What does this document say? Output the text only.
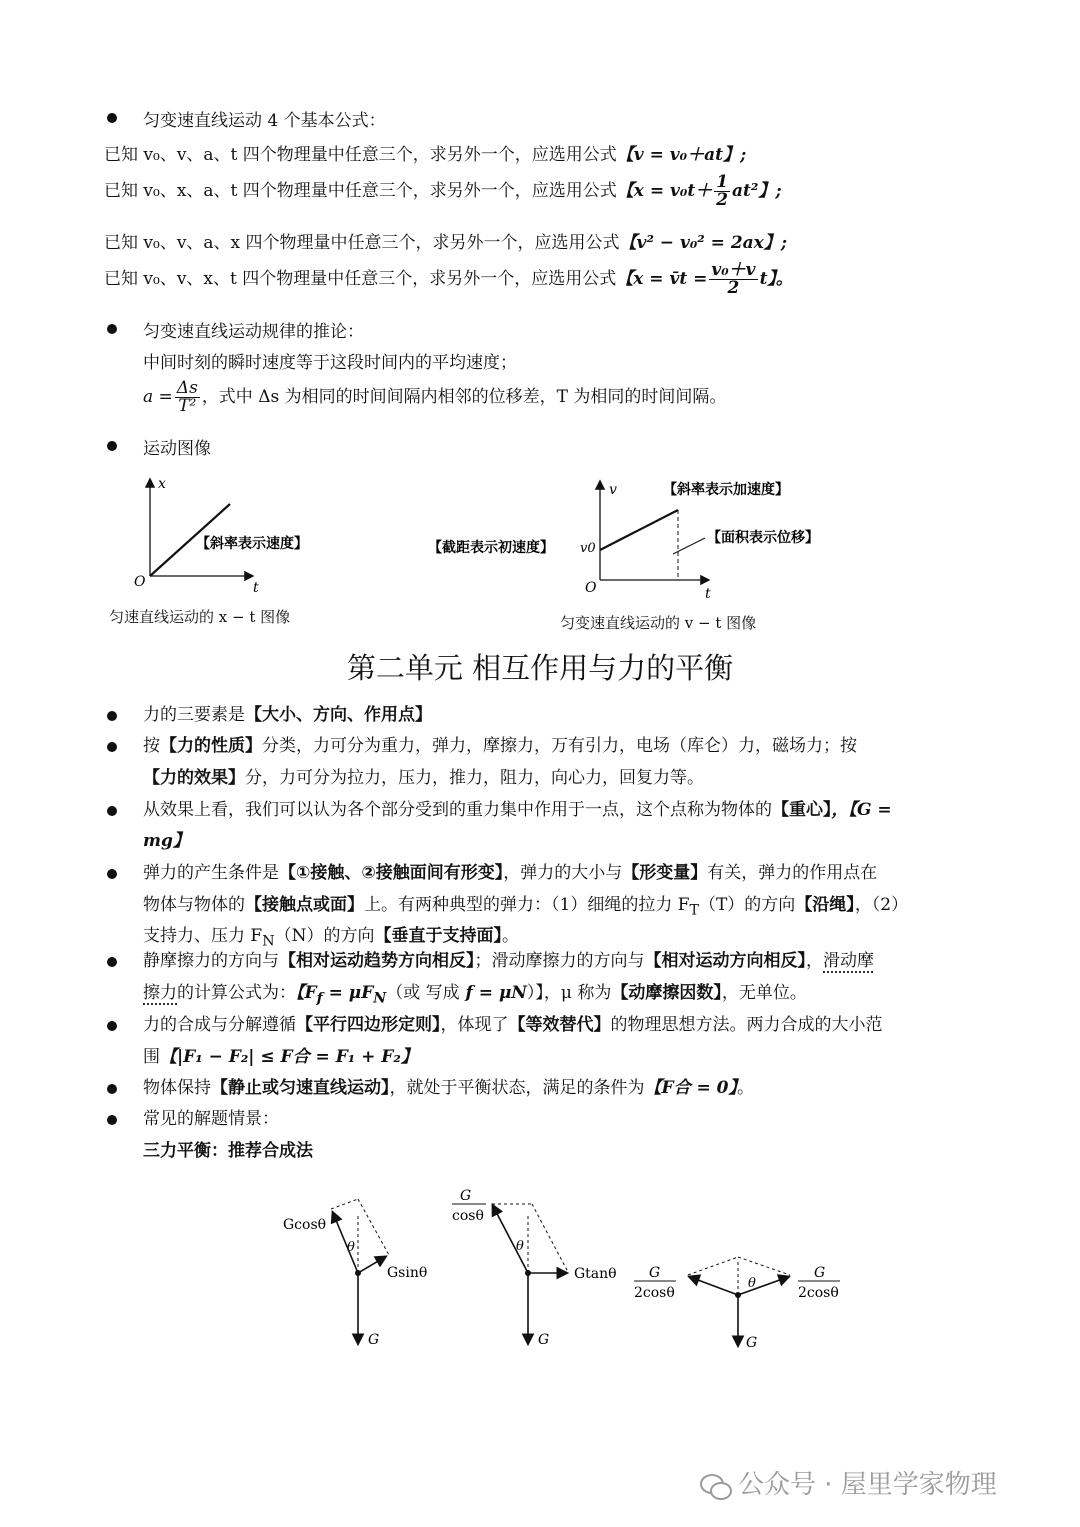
匀变速直线运动 4 个基本公式：
已知 v₀、v、a、t 四个物理量中任意三个，求另外一个，应选用公式【v = v₀＋at】;
已知 v₀、x、a、t 四个物理量中任意三个，求另外一个，应选用公式【$x = v_0t+ \frac{1}{2} at^2$】;
已知 v₀、v、a、x 四个物理量中任意三个，求另外一个，应选用公式【v² − v₀² = 2ax】;
已知 v₀、v、x、t 四个物理量中任意三个，求另外一个，应选用公式【x = v̄t = $\frac{\text{v₀＋v}}{2}$ t】。
匀变速直线运动规律的推论：
中间时刻的瞬时速度等于这段时间内的平均速度；
$a = \frac{\Delta s}{\text{T²}}$ ，式中 Δs 为相同的时间间隔内相邻的位移差，T 为相同的时间间隔。
运动图像
x
t
O
【斜率表示速度】
匀速直线运动的 x − t 图像
v
t
O
v0
【斜率表示加速度】
【面积表示位移】
【截距表示初速度】
匀变速直线运动的 v − t 图像
第二单元 相互作用与力的平衡
力的三要素是【大小、方向、作用点】
按【力的性质】分类，力可分为重力，弹力，摩擦力，万有引力，电场（库仑）力，磁场力；按
【力的效果】分，力可分为拉力，压力，推力，阻力，向心力，回复力等。
从效果上看，我们可以认为各个部分受到的重力集中作用于一点，这个点称为物体的【重心】，【G =
mg】
弹力的产生条件是【①接触、②接触面间有形变】，弹力的大小与【形变量】有关，弹力的作用点在
物体与物体的【接触点或面】上。有两种典型的弹力：（1）细绳的拉力 $F_T(T)$的方向【沿绳】，（2）
支持力、压力 $F_N(N)$的方向【垂直于支持面】。
静摩擦力的方向与【相对运动趋势方向相反】；滑动摩擦力的方向与【相对运动方向相反】，滑动摩
擦力的计算公式为：【$F_f = \mu F_N$（或 写成 f = μN）】，μ 称为【动摩擦因数】，无单位。
力的合成与分解遵循【平行四边形定则】，体现了【等效替代】的物理思想方法。两力合成的大小范
围【|F₁ − F₂| ≤ F合 = F₁ + F₂】
物体保持【静止或匀速直线运动】，就处于平衡状态，满足的条件为【F合 = 0】。
常见的解题情景：
三力平衡：推荐合成法
Gcosθ
Gsinθ
G
θ
G
cosθ
Gtanθ
G
θ
G
2cosθ
G
2cosθ
G
θ
公众号 · 屋里学家物理
